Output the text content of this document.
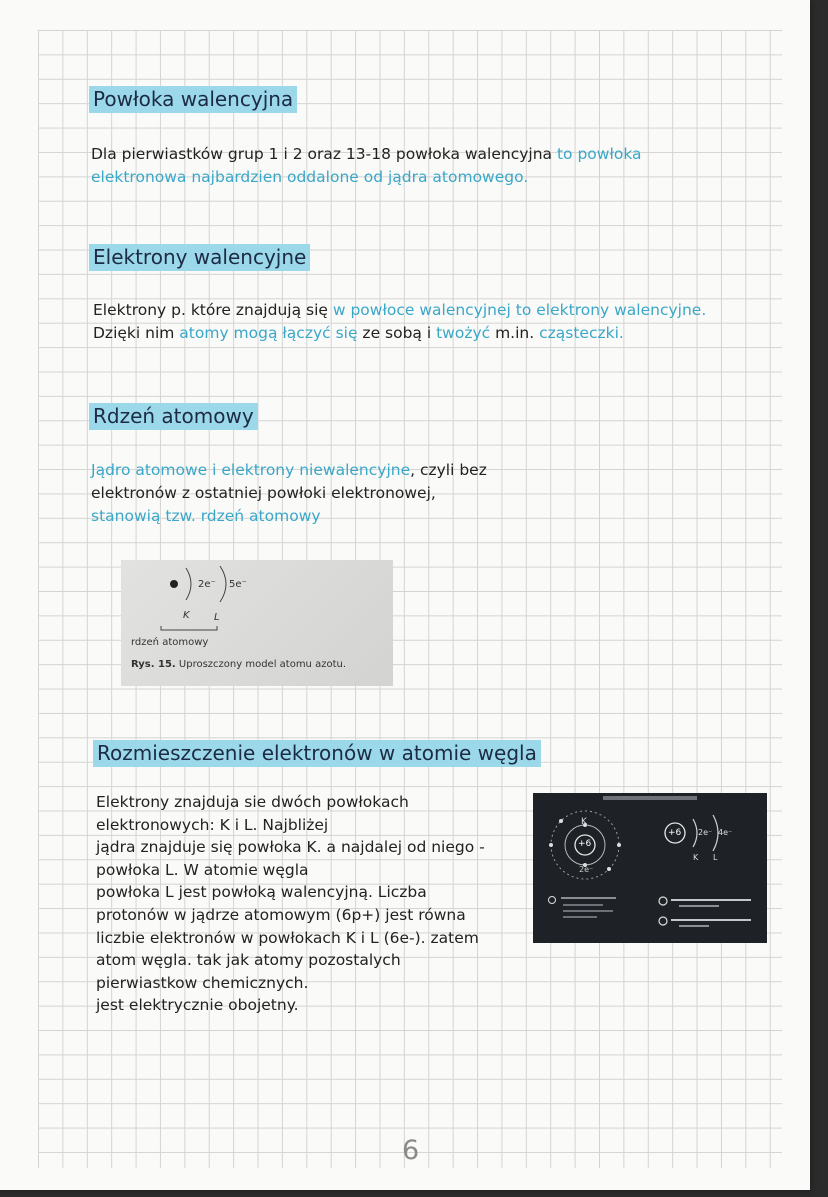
Powłoka walencyjna
Dla pierwiastków grup 1 i 2 oraz 13-18 powłoka walencyjna to powłoka
elektronowa najbardzien oddalone od jądra atomowego.
Elektrony walencyjne
Elektrony p. które znajdują się w powłoce walencyjnej to elektrony walencyjne.
Dzięki nim atomy mogą łączyć się ze sobą i twożyć m.in. cząsteczki.
Rdzeń atomowy
Jądro atomowe i elektrony niewalencyjne, czyli bez
elektronów z ostatniej powłoki elektronowej,
stanowią tzw. rdzeń atomowy
2e⁻ 5e⁻
K L
rdzeń atomowy
Rys. 15. Uproszczony model atomu azotu.
Rozmieszczenie elektronów w atomie węgla
Elektrony znajduja sie dwóch powłokach
elektronowych: K i L. Najbliżej
jądra znajduje się powłoka K. a najdalej od niego -
powłoka L. W atomie węgla
powłoka L jest powłoką walencyjną. Liczba
protonów w jądrze atomowym (6p+) jest równa
liczbie elektronów w powłokach K i L (6e-). zatem
atom węgla. tak jak atomy pozostalych
pierwiastkow chemicznych.
jest elektrycznie obojetny.
+6
K
2e⁻
+6 2e⁻ 4e⁻
K L
6
